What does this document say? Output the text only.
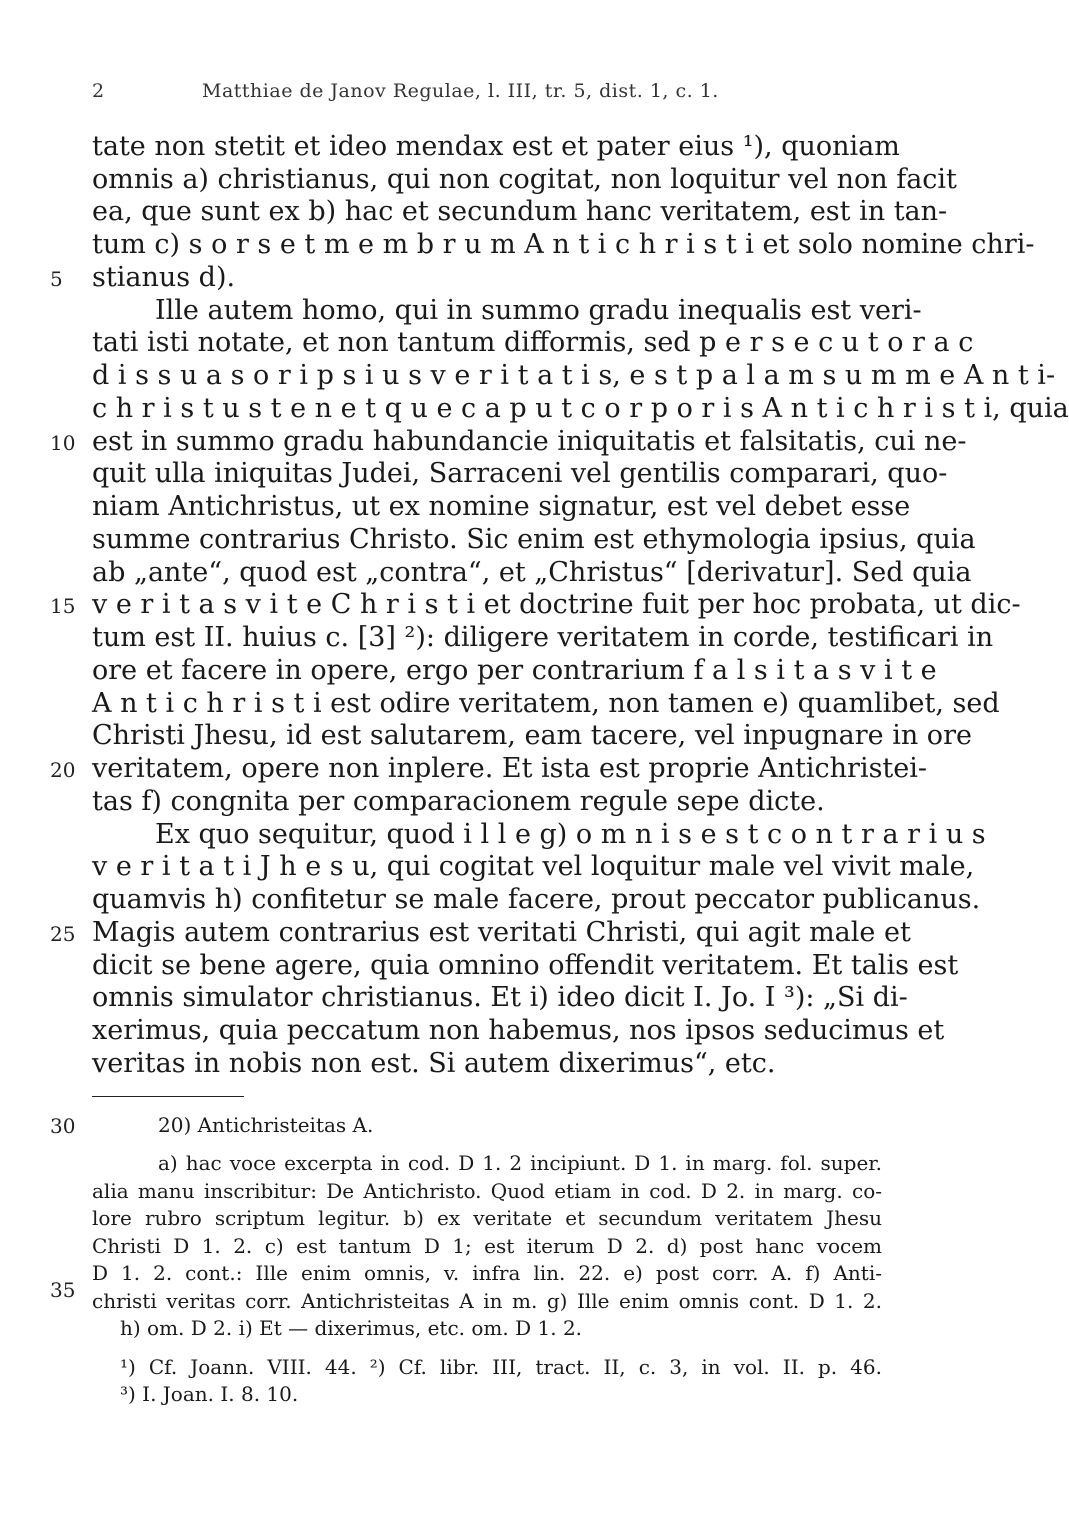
2	Matthiae de Janov Regulae, l. III, tr. 5, dist. 1, c. 1.
tate non stetit et ideo mendax est et pater eius ¹), quoniam
omnis a) christianus, qui non cogitat, non loquitur vel non facit
ea, que sunt ex b) hac et secundum hanc veritatem, est in tan-
tum c) s o r s e t m e m b r u m A n t i c h r i s t i et solo nomine chri-
stianus d).
Ille autem homo, qui in summo gradu inequalis est veri-
tati isti notate, et non tantum difformis, sed p e r s e c u t o r a c
d i s s u a s o r i p s i u s v e r i t a t i s, e s t p a l a m s u m m e A n t i-
c h r i s t u s t e n e t q u e c a p u t c o r p o r i s A n t i c h r i s t i, quia
est in summo gradu habundancie iniquitatis et falsitatis, cui ne-
quit ulla iniquitas Judei, Sarraceni vel gentilis comparari, quo-
niam Antichristus, ut ex nomine signatur, est vel debet esse
summe contrarius Christo. Sic enim est ethymologia ipsius, quia
ab „ante“, quod est „contra“, et „Christus“ [derivatur]. Sed quia
v e r i t a s v i t e C h r i s t i et doctrine fuit per hoc probata, ut dic-
tum est II. huius c. [3] ²): diligere veritatem in corde, testificari in
ore et facere in opere, ergo per contrarium f a l s i t a s v i t e
A n t i c h r i s t i est odire veritatem, non tamen e) quamlibet, sed
Christi Jhesu, id est salutarem, eam tacere, vel inpugnare in ore
veritatem, opere non inplere. Et ista est proprie Antichristei-
tas f) congnita per comparacionem regule sepe dicte.
Ex quo sequitur, quod i l l e g) o m n i s e s t c o n t r a r i u s
v e r i t a t i J h e s u, qui cogitat vel loquitur male vel vivit male,
quamvis h) confitetur se male facere, prout peccator publicanus.
Magis autem contrarius est veritati Christi, qui agit male et
dicit se bene agere, quia omnino offendit veritatem. Et talis est
omnis simulator christianus. Et i) ideo dicit I. Jo. I ³): „Si di-
xerimus, quia peccatum non habemus, nos ipsos seducimus et
veritas in nobis non est. Si autem dixerimus“, etc.
5
10
15
20
25
30
35
20) Antichristeitas A.
a) hac voce excerpta in cod. D 1. 2 incipiunt. D 1. in marg. fol. super.
alia manu inscribitur: De Antichristo. Quod etiam in cod. D 2. in marg. co-
lore rubro scriptum legitur. b) ex veritate et secundum veritatem Jhesu
Christi D 1. 2. c) est tantum D 1; est iterum D 2. d) post hanc vocem
D 1. 2. cont.: Ille enim omnis, v. infra lin. 22. e) post corr. A. f) Anti-
christi veritas corr. Antichristeitas A in m. g) Ille enim omnis cont. D 1. 2.
h) om. D 2. i) Et — dixerimus, etc. om. D 1. 2.
¹) Cf. Joann. VIII. 44. ²) Cf. libr. III, tract. II, c. 3, in vol. II. p. 46.
³) I. Joan. I. 8. 10.
